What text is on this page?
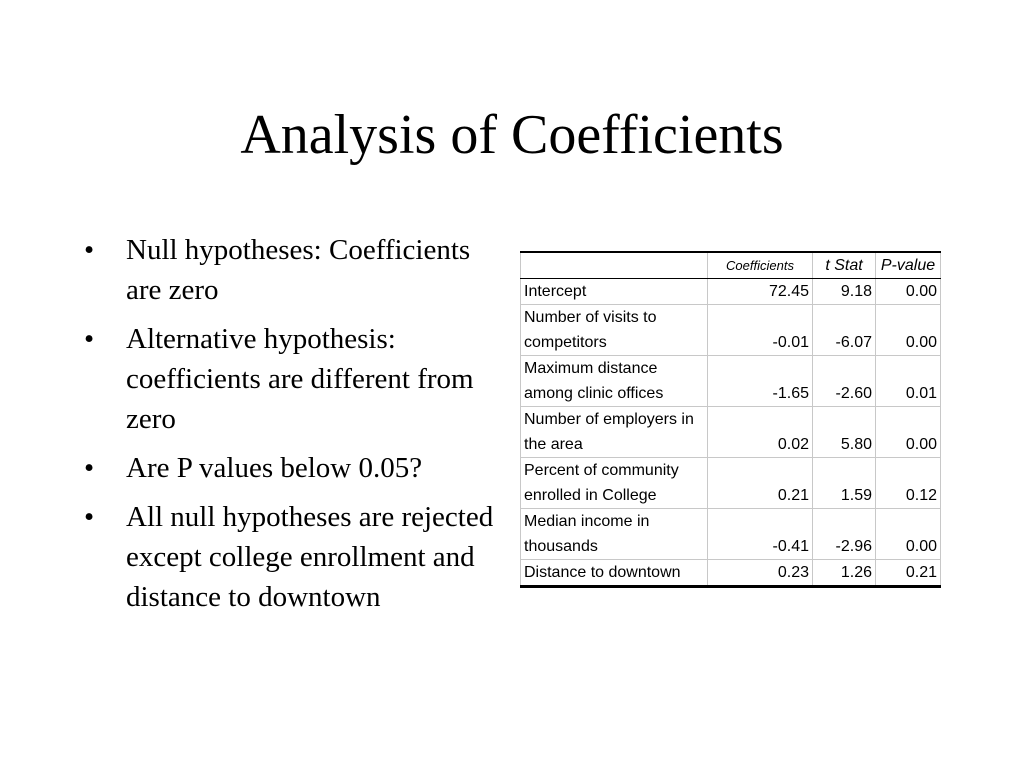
Analysis of Coefficients
• Null hypotheses: Coefficients are zero
• Alternative hypothesis: coefficients are different from zero
• Are P values below 0.05?
• All null hypotheses are rejected except college enrollment and distance to downtown
	Coefficients	t Stat	P-value
Intercept	72.45	9.18	0.00
Number of visits to competitors	-0.01	-6.07	0.00
Maximum distance among clinic offices	-1.65	-2.60	0.01
Number of employers in the area	0.02	5.80	0.00
Percent of community enrolled in College	0.21	1.59	0.12
Median income in thousands	-0.41	-2.96	0.00
Distance to downtown	0.23	1.26	0.21
